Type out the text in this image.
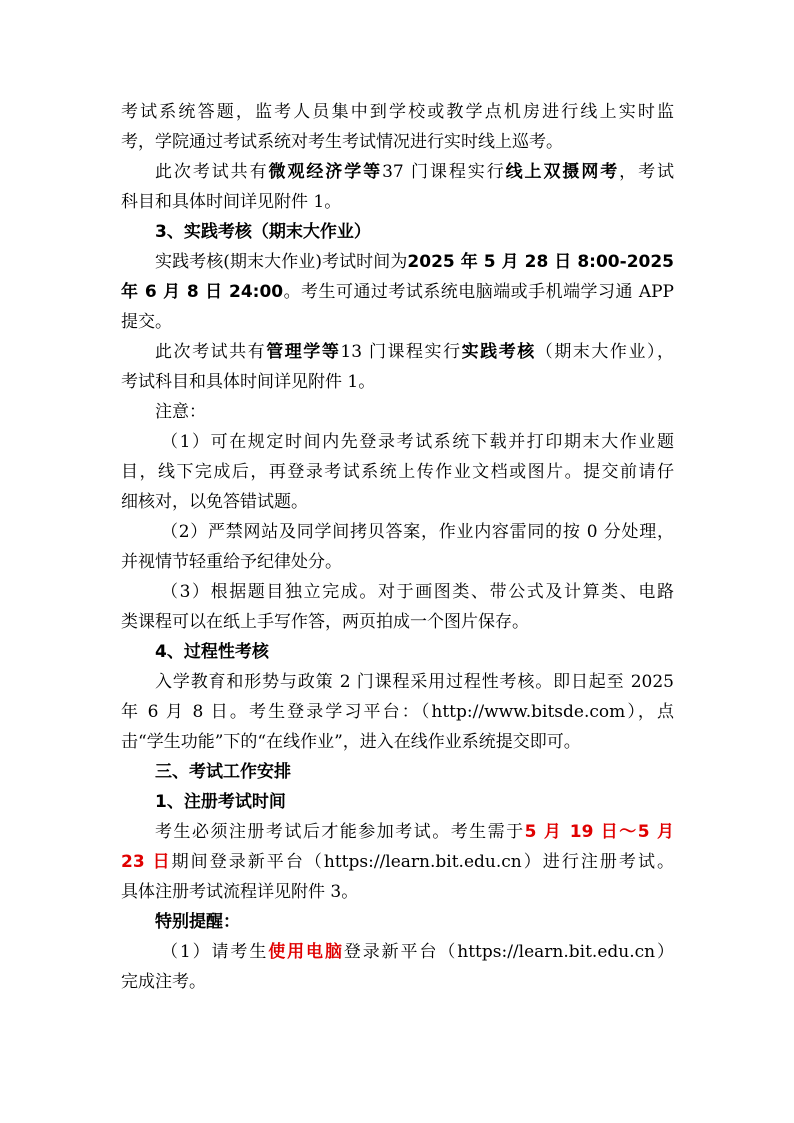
考试系统答题，监考人员集中到学校或教学点机房进行线上实时监
考，学院通过考试系统对考生考试情况进行实时线上巡考。
此次考试共有微观经济学等37 门课程实行线上双摄网考，考试
科目和具体时间详见附件 1。
3、实践考核（期末大作业）
实践考核(期末大作业)考试时间为2025 年 5 月 28 日 8:00-2025
年 6 月 8 日 24:00。考生可通过考试系统电脑端或手机端学习通 APP
提交。
此次考试共有管理学等13 门课程实行实践考核（期末大作业），
考试科目和具体时间详见附件 1。
注意：
（1）可在规定时间内先登录考试系统下载并打印期末大作业题
目，线下完成后，再登录考试系统上传作业文档或图片。提交前请仔
细核对，以免答错试题。
（2）严禁网站及同学间拷贝答案，作业内容雷同的按 0 分处理，
并视情节轻重给予纪律处分。
（3）根据题目独立完成。对于画图类、带公式及计算类、电路
类课程可以在纸上手写作答，两页拍成一个图片保存。
4、过程性考核
入学教育和形势与政策 2 门课程采用过程性考核。即日起至 2025
年 6 月 8 日。考生登录学习平台：（http://www.bitsde.com），点
击“学生功能”下的“在线作业”，进入在线作业系统提交即可。
三、考试工作安排
1、注册考试时间
考生必须注册考试后才能参加考试。考生需于5 月 19 日～5 月
23 日期间登录新平台（https://learn.bit.edu.cn）进行注册考试。
具体注册考试流程详见附件 3。
特别提醒：
（1）请考生使用电脑登录新平台（https://learn.bit.edu.cn）
完成注考。
